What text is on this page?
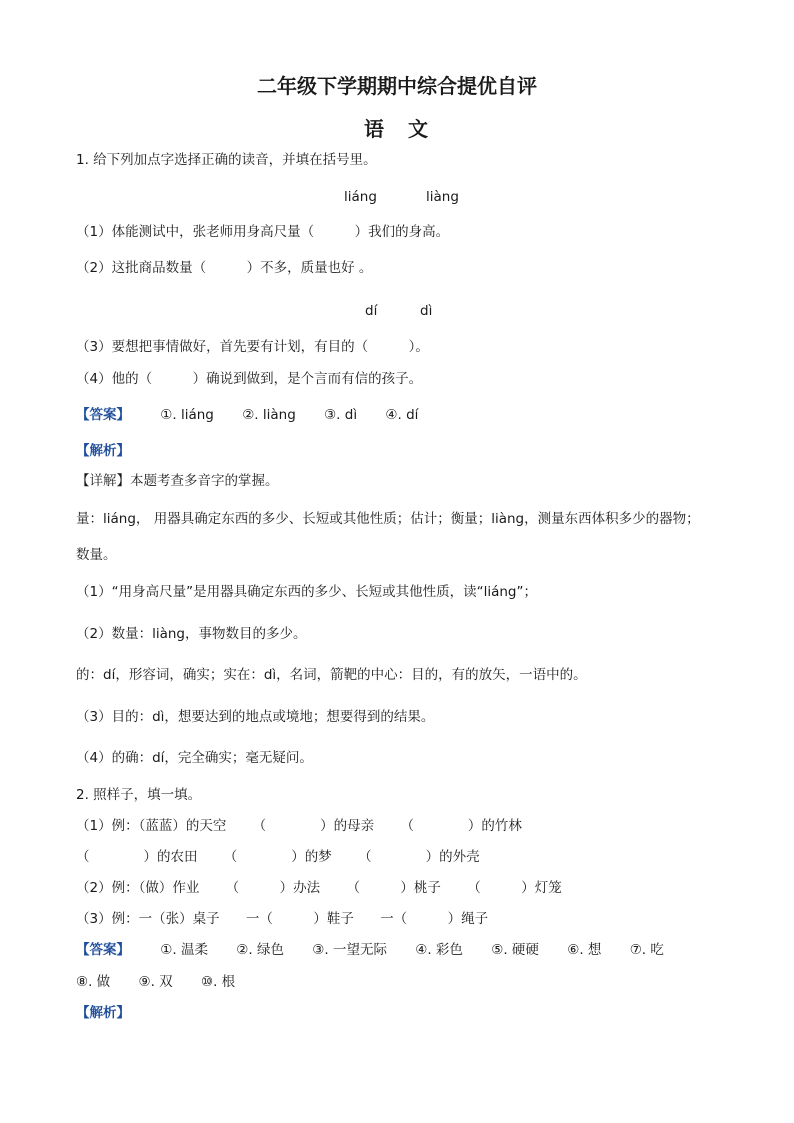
二年级下学期期中综合提优自评
语　文
1. 给下列加点字选择正确的读音，并填在括号里。
liáng	liàng
（1）体能测试中，张老师用身高尺量（　　　）我们的身高。
（2）这批商品数量（　　　）不多，质量也好 。
dí	dì
（3）要想把事情做好，首先要有计划，有目的（　　　）。
（4）他的（　　　）确说到做到，是个言而有信的孩子。
【答案】 ①. liáng ②. liàng ③. dì ④. dí
【解析】
【详解】本题考查多音字的掌握。
量：liáng， 用器具确定东西的多少、长短或其他性质；估计；衡量；liàng，测量东西体积多少的器物；
数量。
（1）“用身高尺量”是用器具确定东西的多少、长短或其他性质，读“liáng”；
（2）数量：liàng，事物数目的多少。
的：dí，形容词，确实；实在：dì，名词，箭靶的中心：目的，有的放矢，一语中的。
（3）目的：dì，想要达到的地点或境地；想要得到的结果。
（4）的确：dí，完全确实；毫无疑问。
2. 照样子，填一填。
（1）例：（蓝蓝）的天空 （　　　　）的母亲 （　　　　）的竹林
（　　　　）的农田 （　　　　）的梦 （　　　　）的外壳
（2）例：（做）作业 （　　　）办法 （　　　）桃子 （　　　）灯笼
（3）例：一（张）桌子 一（　　　）鞋子 一（　　　）绳子
【答案】 ①. 温柔 ②. 绿色 ③. 一望无际 ④. 彩色 ⑤. 硬硬 ⑥. 想 ⑦. 吃
⑧. 做 ⑨. 双 ⑩. 根
【解析】
